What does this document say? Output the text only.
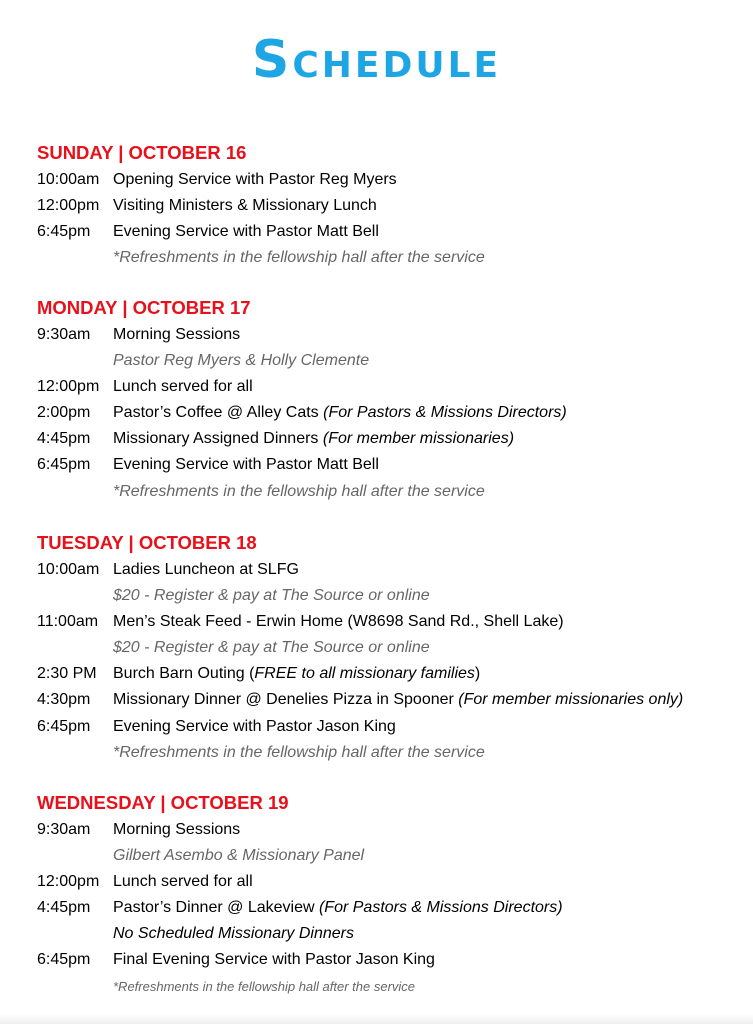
Schedule
SUNDAY | OCTOBER 16
10:00am Opening Service with Pastor Reg Myers
12:00pm Visiting Ministers & Missionary Lunch
6:45pm Evening Service with Pastor Matt Bell
*Refreshments in the fellowship hall after the service
MONDAY | OCTOBER 17
9:30am Morning Sessions
Pastor Reg Myers & Holly Clemente
12:00pm Lunch served for all
2:00pm Pastor’s Coffee @ Alley Cats (For Pastors & Missions Directors)
4:45pm Missionary Assigned Dinners (For member missionaries)
6:45pm Evening Service with Pastor Matt Bell
*Refreshments in the fellowship hall after the service
TUESDAY | OCTOBER 18
10:00am Ladies Luncheon at SLFG
$20 - Register & pay at The Source or online
11:00am Men’s Steak Feed - Erwin Home (W8698 Sand Rd., Shell Lake)
$20 - Register & pay at The Source or online
2:30 PM Burch Barn Outing (FREE to all missionary families)
4:30pm Missionary Dinner @ Denelies Pizza in Spooner (For member missionaries only)
6:45pm Evening Service with Pastor Jason King
*Refreshments in the fellowship hall after the service
WEDNESDAY | OCTOBER 19
9:30am Morning Sessions
Gilbert Asembo & Missionary Panel
12:00pm Lunch served for all
4:45pm Pastor’s Dinner @ Lakeview (For Pastors & Missions Directors)
No Scheduled Missionary Dinners
6:45pm Final Evening Service with Pastor Jason King
*Refreshments in the fellowship hall after the service
